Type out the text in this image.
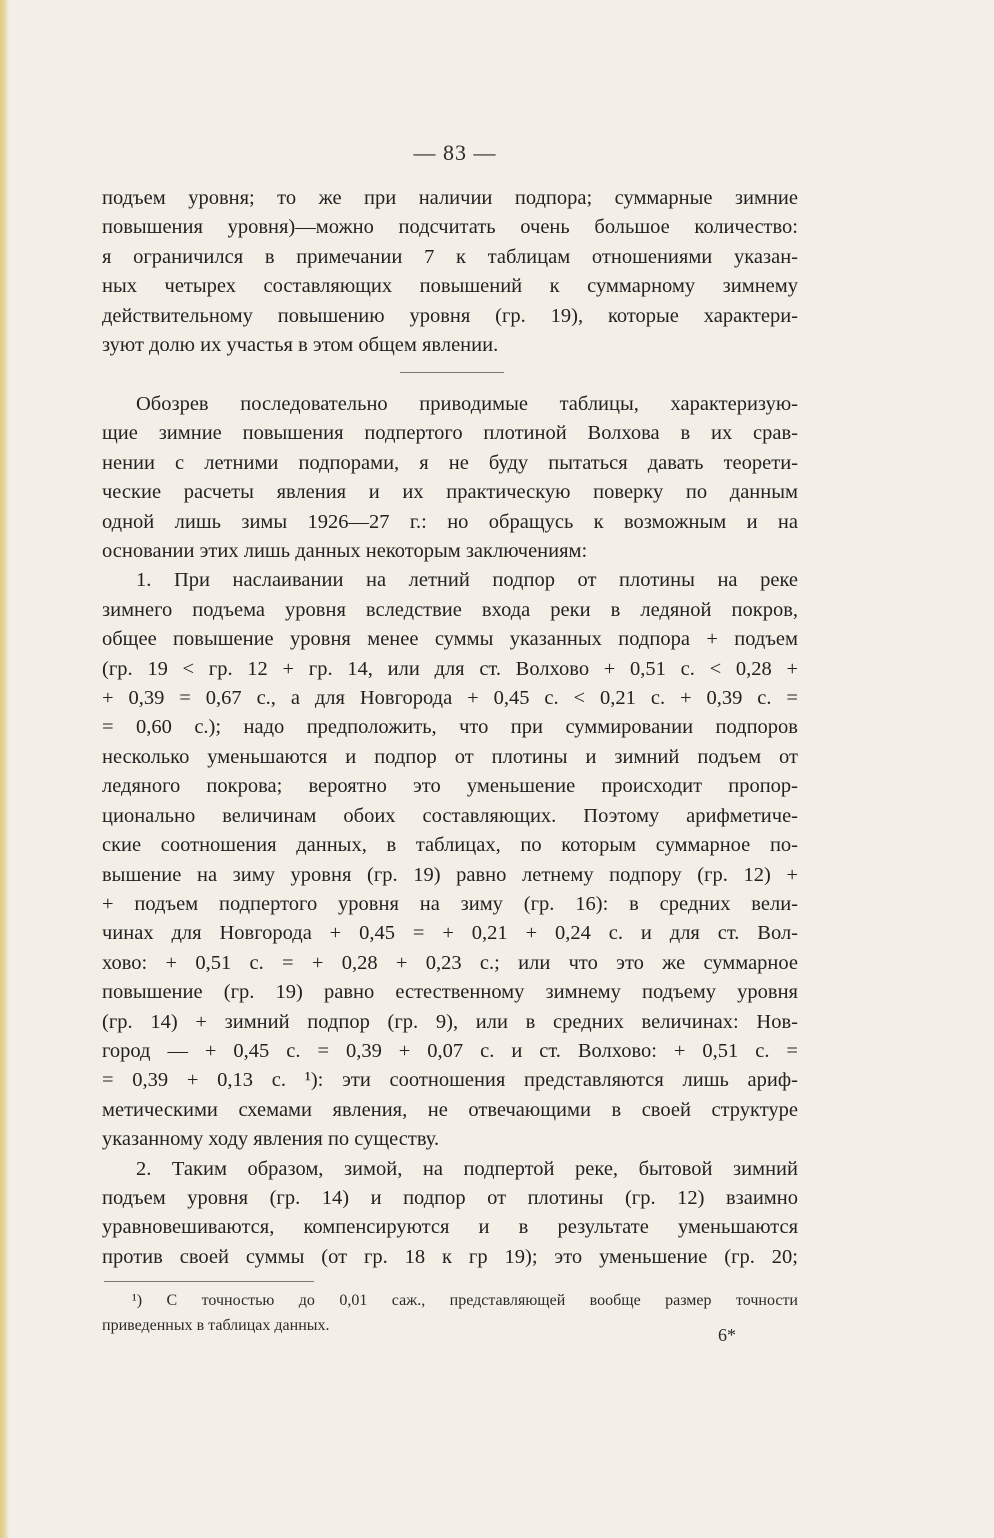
— 83 —
подъем уровня; то же при наличии подпора; суммарные зимние
повышения уровня)—можно подсчитать очень большое количество:
я ограничился в примечании 7 к таблицам отношениями указан-
ных четырех составляющих повышений к суммарному зимнему
действительному повышению уровня (гр. 19), которые характери-
зуют долю их участья в этом общем явлении.
Обозрев последовательно приводимые таблицы, характеризую-
щие зимние повышения подпертого плотиной Волхова в их срав-
нении с летними подпорами, я не буду пытаться давать теорети-
ческие расчеты явления и их практическую поверку по данным
одной лишь зимы 1926—27 г.: но обращусь к возможным и на
основании этих лишь данных некоторым заключениям:
1. При наслаивании на летний подпор от плотины на реке
зимнего подъема уровня вследствие входа реки в ледяной покров,
общее повышение уровня менее суммы указанных подпора + подъем
(гр. 19 < гр. 12 + гр. 14, или для ст. Волхово + 0,51 с. < 0,28 +
+ 0,39 = 0,67 с., а для Новгорода + 0,45 с. < 0,21 с. + 0,39 с. =
= 0,60 с.); надо предположить, что при суммировании подпоров
несколько уменьшаются и подпор от плотины и зимний подъем от
ледяного покрова; вероятно это уменьшение происходит пропор-
ционально величинам обоих составляющих. Поэтому арифметиче-
ские соотношения данных, в таблицах, по которым суммарное по-
вышение на зиму уровня (гр. 19) равно летнему подпору (гр. 12) +
+ подъем подпертого уровня на зиму (гр. 16): в средних вели-
чинах для Новгорода + 0,45 = + 0,21 + 0,24 с. и для ст. Вол-
хово: + 0,51 с. = + 0,28 + 0,23 с.; или что это же суммарное
повышение (гр. 19) равно естественному зимнему подъему уровня
(гр. 14) + зимний подпор (гр. 9), или в средних величинах: Нов-
город — + 0,45 с. = 0,39 + 0,07 с. и ст. Волхово: + 0,51 с. =
= 0,39 + 0,13 с. ¹): эти соотношения представляются лишь ариф-
метическими схемами явления, не отвечающими в своей структуре
указанному ходу явления по существу.
2. Таким образом, зимой, на подпертой реке, бытовой зимний
подъем уровня (гр. 14) и подпор от плотины (гр. 12) взаимно
уравновешиваются, компенсируются и в результате уменьшаются
против своей суммы (от гр. 18 к гр 19); это уменьшение (гр. 20;
¹) С точностью до 0,01 саж., представляющей вообще размер точности
приведенных в таблицах данных.	6*
